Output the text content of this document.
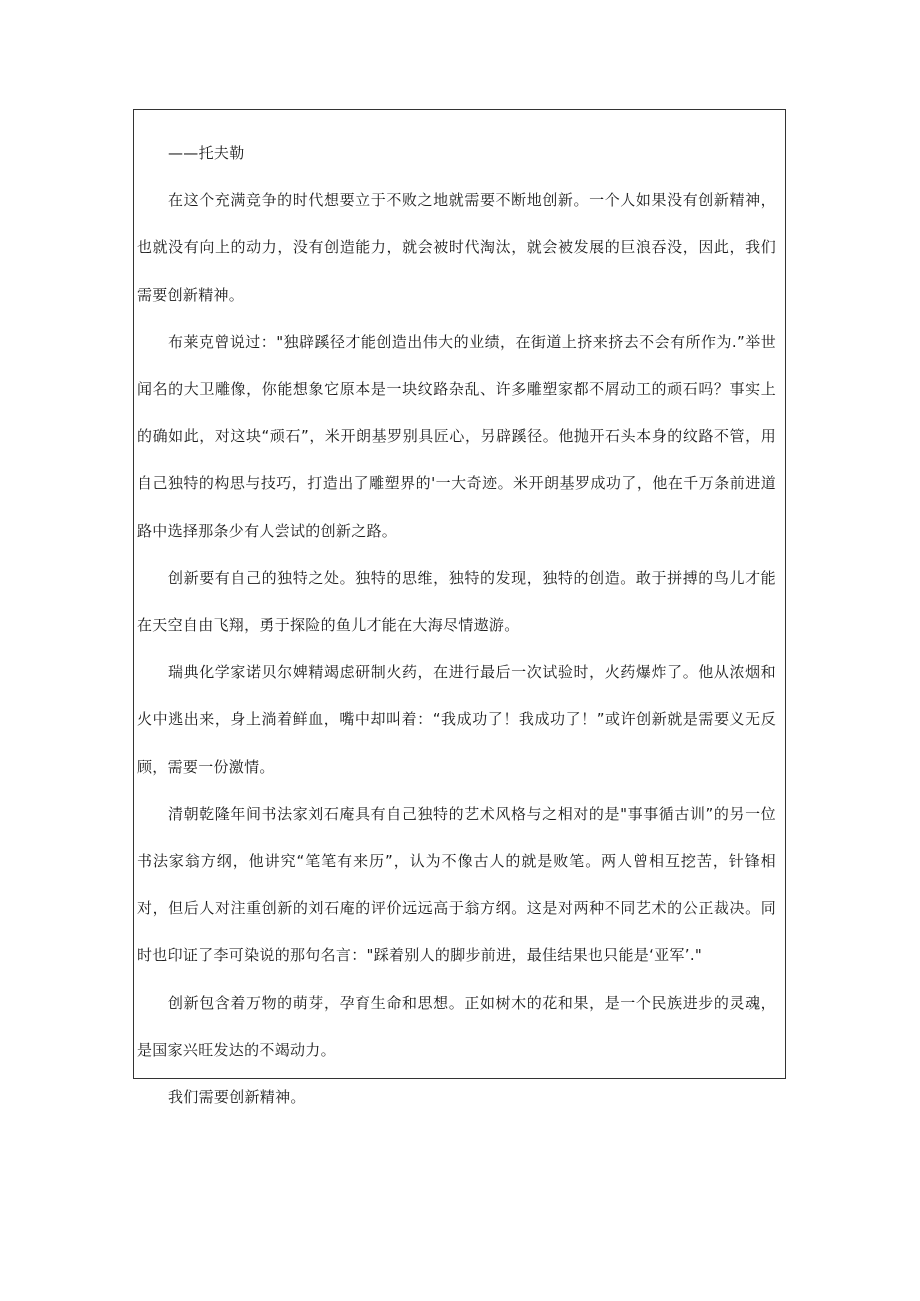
——托夫勒

在这个充满竞争的时代想要立于不败之地就需要不断地创新。一个人如果没有创新精神，也就没有向上的动力，没有创造能力，就会被时代淘汰，就会被发展的巨浪吞没，因此，我们需要创新精神。

布莱克曾说过："独辟蹊径才能创造出伟大的业绩，在街道上挤来挤去不会有所作为.”举世闻名的大卫雕像，你能想象它原本是一块纹路杂乱、许多雕塑家都不屑动工的顽石吗？事实上的确如此，对这块“顽石”，米开朗基罗别具匠心，另辟蹊径。他抛开石头本身的纹路不管，用自己独特的构思与技巧，打造出了雕塑界的'一大奇迹。米开朗基罗成功了，他在千万条前进道路中选择那条少有人尝试的创新之路。

创新要有自己的独特之处。独特的思维，独特的发现，独特的创造。敢于拼搏的鸟儿才能在天空自由飞翔，勇于探险的鱼儿才能在大海尽情遨游。

瑞典化学家诺贝尔婢精竭虑研制火药，在进行最后一次试验时，火药爆炸了。他从浓烟和火中逃出来，身上淌着鲜血，嘴中却叫着：“我成功了！我成功了！”或许创新就是需要义无反顾，需要一份激情。

清朝乾隆年间书法家刘石庵具有自己独特的艺术风格与之相对的是"事事循古训”的另一位书法家翁方纲，他讲究“笔笔有来历”，认为不像古人的就是败笔。两人曾相互挖苦，针锋相对，但后人对注重创新的刘石庵的评价远远高于翁方纲。这是对两种不同艺术的公正裁决。同时也印证了李可染说的那句名言："踩着别人的脚步前进，最佳结果也只能是‘亚军’."

创新包含着万物的萌芽，孕育生命和思想。正如树木的花和果，是一个民族进步的灵魂，是国家兴旺发达的不竭动力。

我们需要创新精神。
